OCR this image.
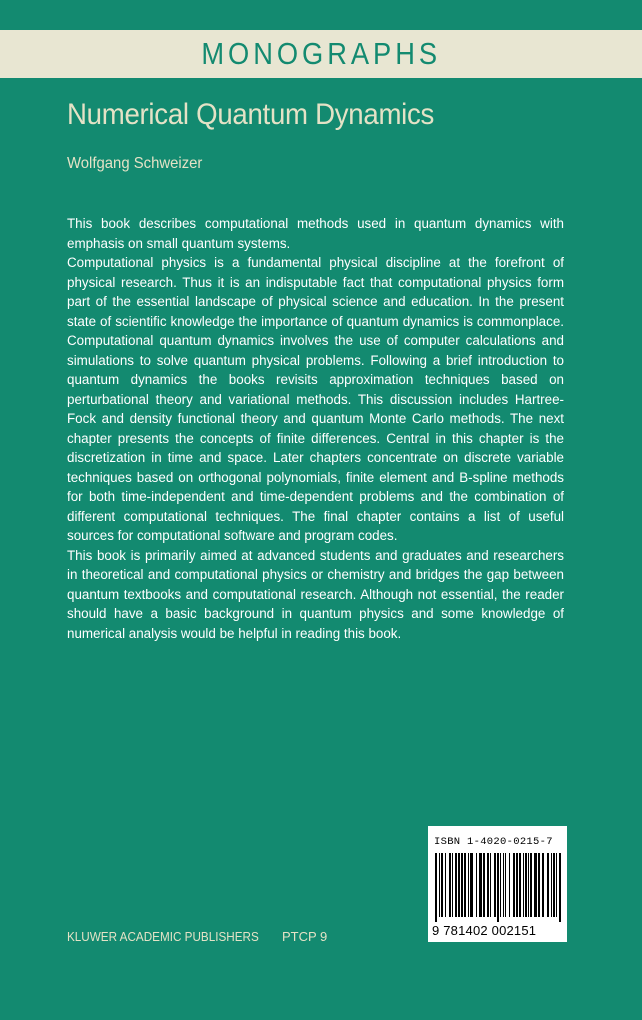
MONOGRAPHS
Numerical Quantum Dynamics
Wolfgang Schweizer

This book describes computational methods used in quantum dynamics with emphasis on small quantum systems.

Computational physics is a fundamental physical discipline at the forefront of physical research. Thus it is an indisputable fact that computational physics form part of the essential landscape of physical science and education. In the present state of scientific knowledge the importance of quantum dynamics is commonplace. Computational quantum dynamics involves the use of computer calculations and simulations to solve quantum physical problems. Following a brief introduction to quantum dynamics the books revisits approximation techniques based on perturbational theory and variational methods. This discussion includes Hartree-Fock and density functional theory and quantum Monte Carlo methods. The next chapter presents the concepts of finite differences. Central in this chapter is the discretization in time and space. Later chapters concentrate on discrete variable techniques based on orthogonal polynomials, finite element and B-spline methods for both time-independent and time-dependent problems and the combination of different computational techniques. The final chapter contains a list of useful sources for computational software and program codes.

This book is primarily aimed at advanced students and graduates and researchers in theoretical and computational physics or chemistry and bridges the gap between quantum textbooks and computational research. Although not essential, the reader should have a basic background in quantum physics and some knowledge of numerical analysis would be helpful in reading this book.

KLUWER ACADEMIC PUBLISHERS PTCP 9
ISBN 1-4020-0215-7
9 781402 002151
